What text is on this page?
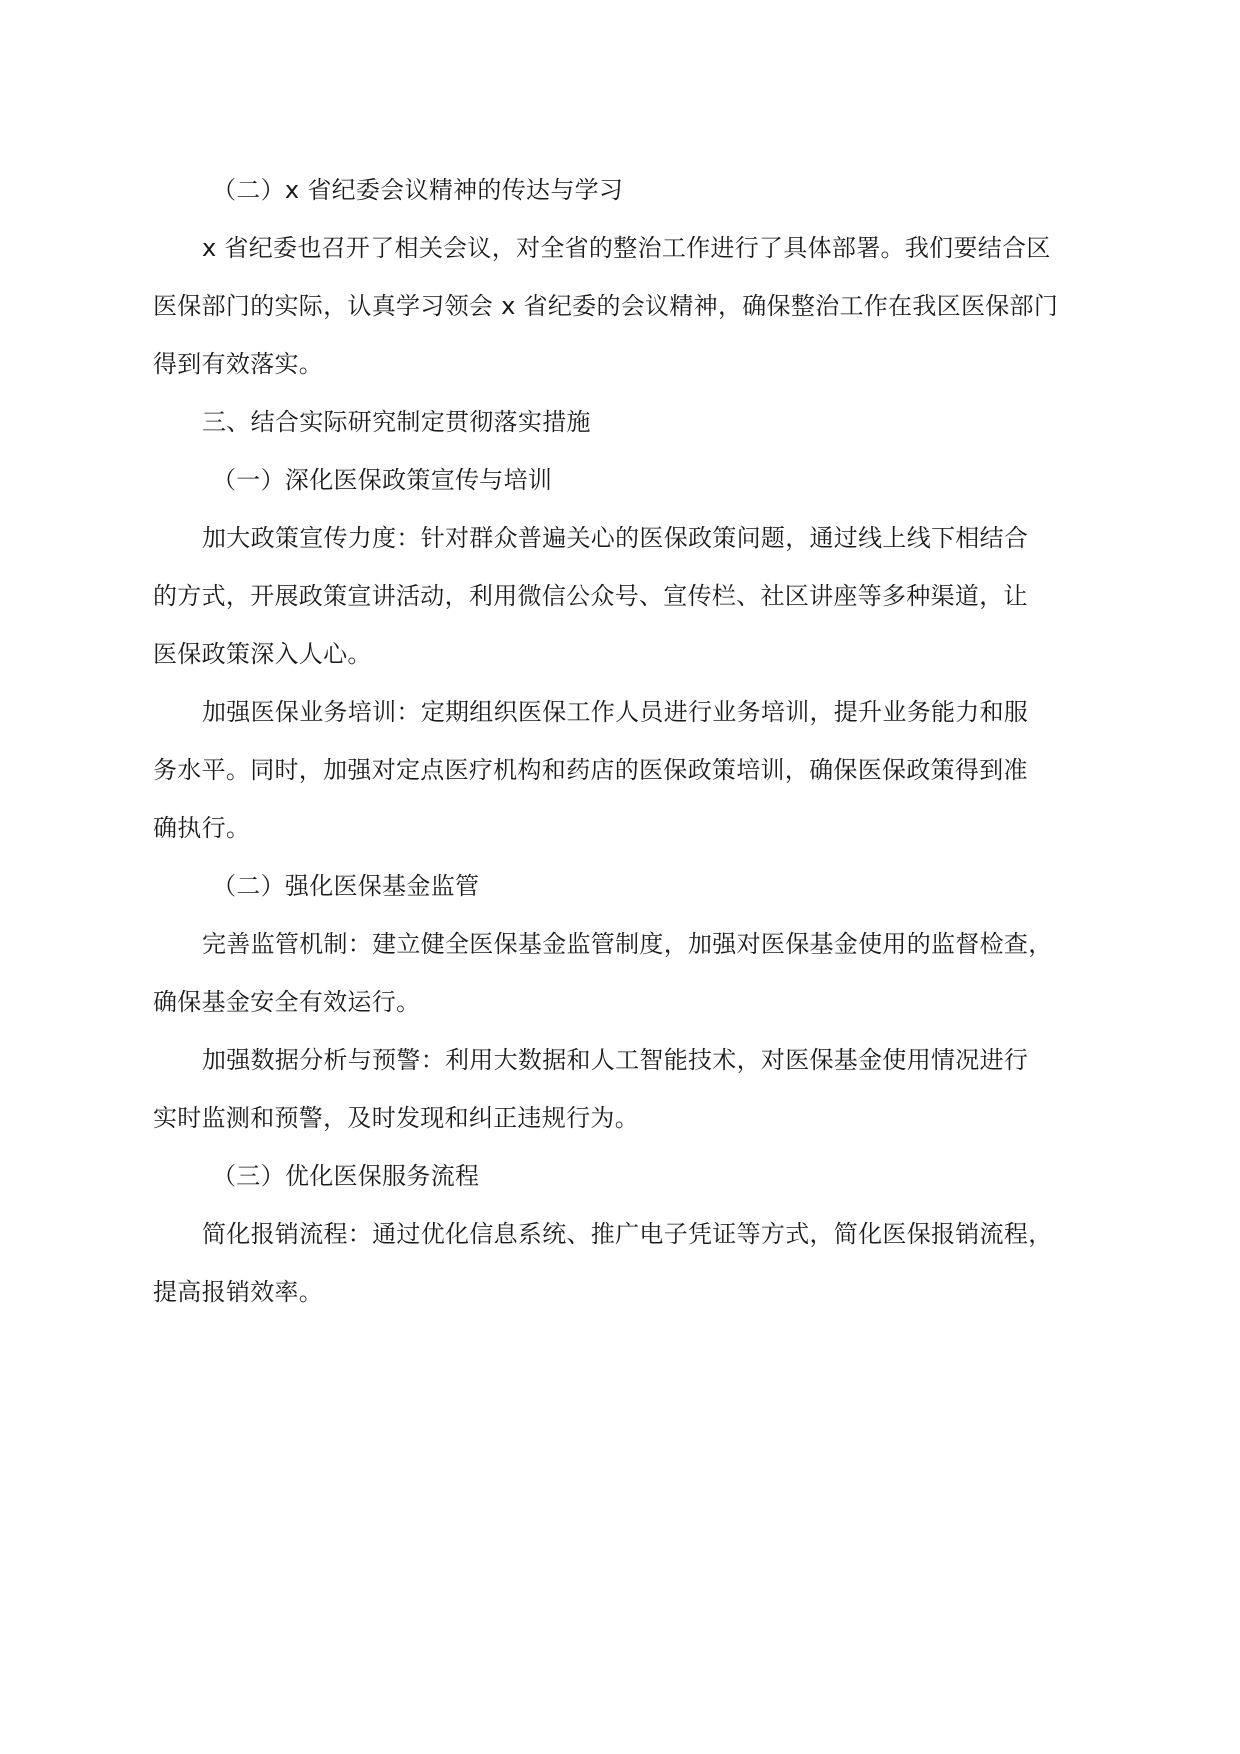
（二）x 省纪委会议精神的传达与学习
x 省纪委也召开了相关会议，对全省的整治工作进行了具体部署。我们要结合区
医保部门的实际，认真学习领会 x 省纪委的会议精神，确保整治工作在我区医保部门
得到有效落实。
三、结合实际研究制定贯彻落实措施
（一）深化医保政策宣传与培训
加大政策宣传力度：针对群众普遍关心的医保政策问题，通过线上线下相结合
的方式，开展政策宣讲活动，利用微信公众号、宣传栏、社区讲座等多种渠道，让
医保政策深入人心。
加强医保业务培训：定期组织医保工作人员进行业务培训，提升业务能力和服
务水平。同时，加强对定点医疗机构和药店的医保政策培训，确保医保政策得到准
确执行。
（二）强化医保基金监管
完善监管机制：建立健全医保基金监管制度，加强对医保基金使用的监督检查，
确保基金安全有效运行。
加强数据分析与预警：利用大数据和人工智能技术，对医保基金使用情况进行
实时监测和预警，及时发现和纠正违规行为。
（三）优化医保服务流程
简化报销流程：通过优化信息系统、推广电子凭证等方式，简化医保报销流程，
提高报销效率。
